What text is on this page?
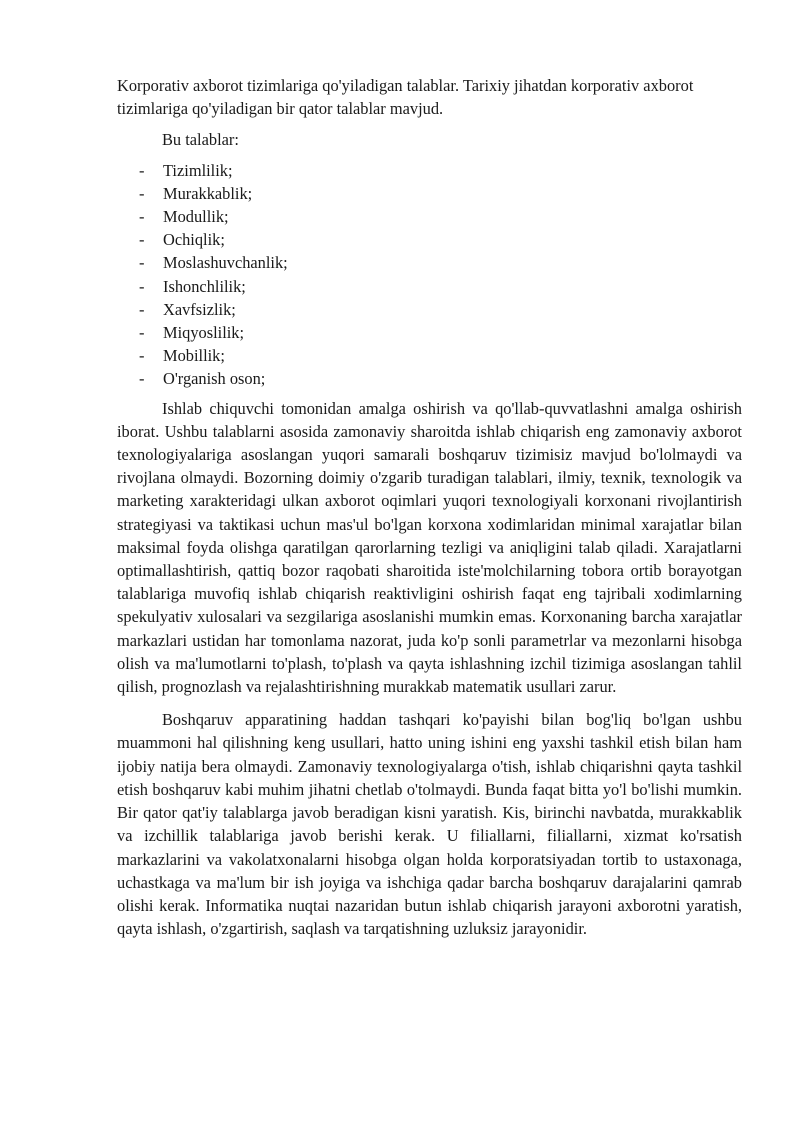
Korporativ axborot tizimlariga qo'yiladigan talablar. Tarixiy jihatdan korporativ axborot tizimlariga qo'yiladigan bir qator talablar mavjud.

Bu talablar:

- Tizimlilik;
- Murakkablik;
- Modullik;
- Ochiqlik;
- Moslashuvchanlik;
- Ishonchlilik;
- Xavfsizlik;
- Miqyoslilik;
- Mobillik;
- O'rganish oson;

Ishlab chiquvchi tomonidan amalga oshirish va qo'llab-quvvatlashni amalga oshirish iborat. Ushbu talablarni asosida zamonaviy sharoitda ishlab chiqarish eng zamonaviy axborot texnologiyalariga asoslangan yuqori samarali boshqaruv tizimisiz mavjud bo'lolmaydi va rivojlana olmaydi. Bozorning doimiy o'zgarib turadigan talablari, ilmiy, texnik, texnologik va marketing xarakteridagi ulkan axborot oqimlari yuqori texnologiyali korxonani rivojlantirish strategiyasi va taktikasi uchun mas'ul bo'lgan korxona xodimlaridan minimal xarajatlar bilan maksimal foyda olishga qaratilgan qarorlarning tezligi va aniqligini talab qiladi. Xarajatlarni optimallashtirish, qattiq bozor raqobati sharoitida iste'molchilarning tobora ortib borayotgan talablariga muvofiq ishlab chiqarish reaktivligini oshirish faqat eng tajribali xodimlarning spekulyativ xulosalari va sezgilariga asoslanishi mumkin emas. Korxonaning barcha xarajatlar markazlari ustidan har tomonlama nazorat, juda ko'p sonli parametrlar va mezonlarni hisobga olish va ma'lumotlarni to'plash, to'plash va qayta ishlashning izchil tizimiga asoslangan tahlil qilish, prognozlash va rejalashtirishning murakkab matematik usullari zarur.

Boshqaruv apparatining haddan tashqari ko'payishi bilan bog'liq bo'lgan ushbu muammoni hal qilishning keng usullari, hatto uning ishini eng yaxshi tashkil etish bilan ham ijobiy natija bera olmaydi. Zamonaviy texnologiyalarga o'tish, ishlab chiqarishni qayta tashkil etish boshqaruv kabi muhim jihatni chetlab o'tolmaydi. Bunda faqat bitta yo'l bo'lishi mumkin. Bir qator qat'iy talablarga javob beradigan kisni yaratish. Kis, birinchi navbatda, murakkablik va izchillik talablariga javob berishi kerak. U filiallarni, filiallarni, xizmat ko'rsatish markazlarini va vakolatxonalarni hisobga olgan holda korporatsiyadan tortib to ustaxonaga, uchastkaga va ma'lum bir ish joyiga va ishchiga qadar barcha boshqaruv darajalarini qamrab olishi kerak. Informatika nuqtai nazaridan butun ishlab chiqarish jarayoni axborotni yaratish, qayta ishlash, o'zgartirish, saqlash va tarqatishning uzluksiz jarayonidir.
